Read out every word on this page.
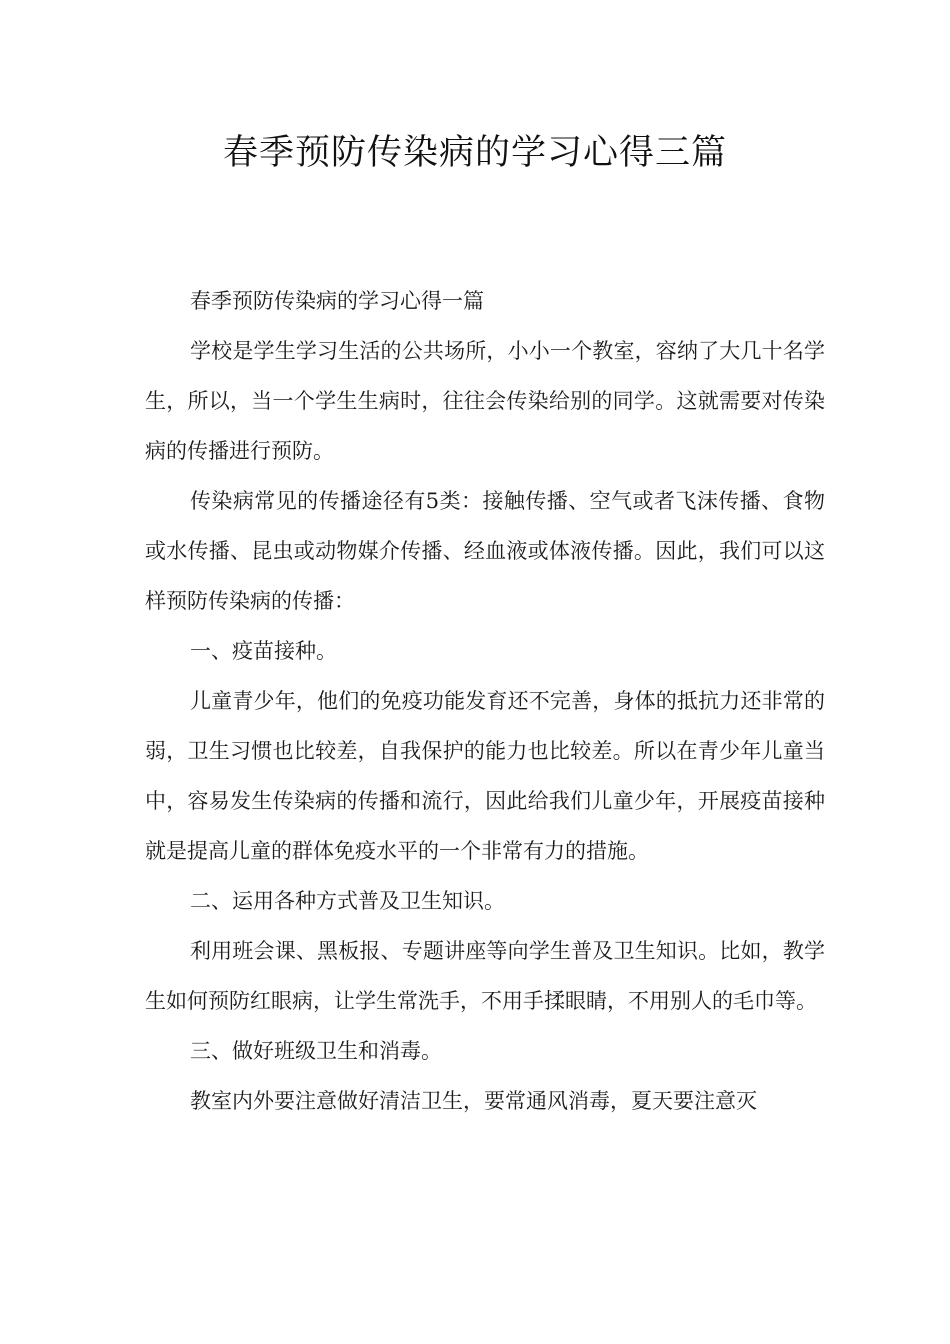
春季预防传染病的学习心得三篇

春季预防传染病的学习心得一篇

学校是学生学习生活的公共场所，小小一个教室，容纳了大几十名学生，所以，当一个学生生病时，往往会传染给别的同学。这就需要对传染病的传播进行预防。

传染病常见的传播途径有5类：接触传播、空气或者飞沫传播、食物或水传播、昆虫或动物媒介传播、经血液或体液传播。因此，我们可以这样预防传染病的传播：

一、疫苗接种。

儿童青少年，他们的免疫功能发育还不完善，身体的抵抗力还非常的弱，卫生习惯也比较差，自我保护的能力也比较差。所以在青少年儿童当中，容易发生传染病的传播和流行，因此给我们儿童少年，开展疫苗接种就是提高儿童的群体免疫水平的一个非常有力的措施。

二、运用各种方式普及卫生知识。

利用班会课、黑板报、专题讲座等向学生普及卫生知识。比如，教学生如何预防红眼病，让学生常洗手，不用手揉眼睛，不用别人的毛巾等。

三、做好班级卫生和消毒。

教室内外要注意做好清洁卫生，要常通风消毒，夏天要注意灭
